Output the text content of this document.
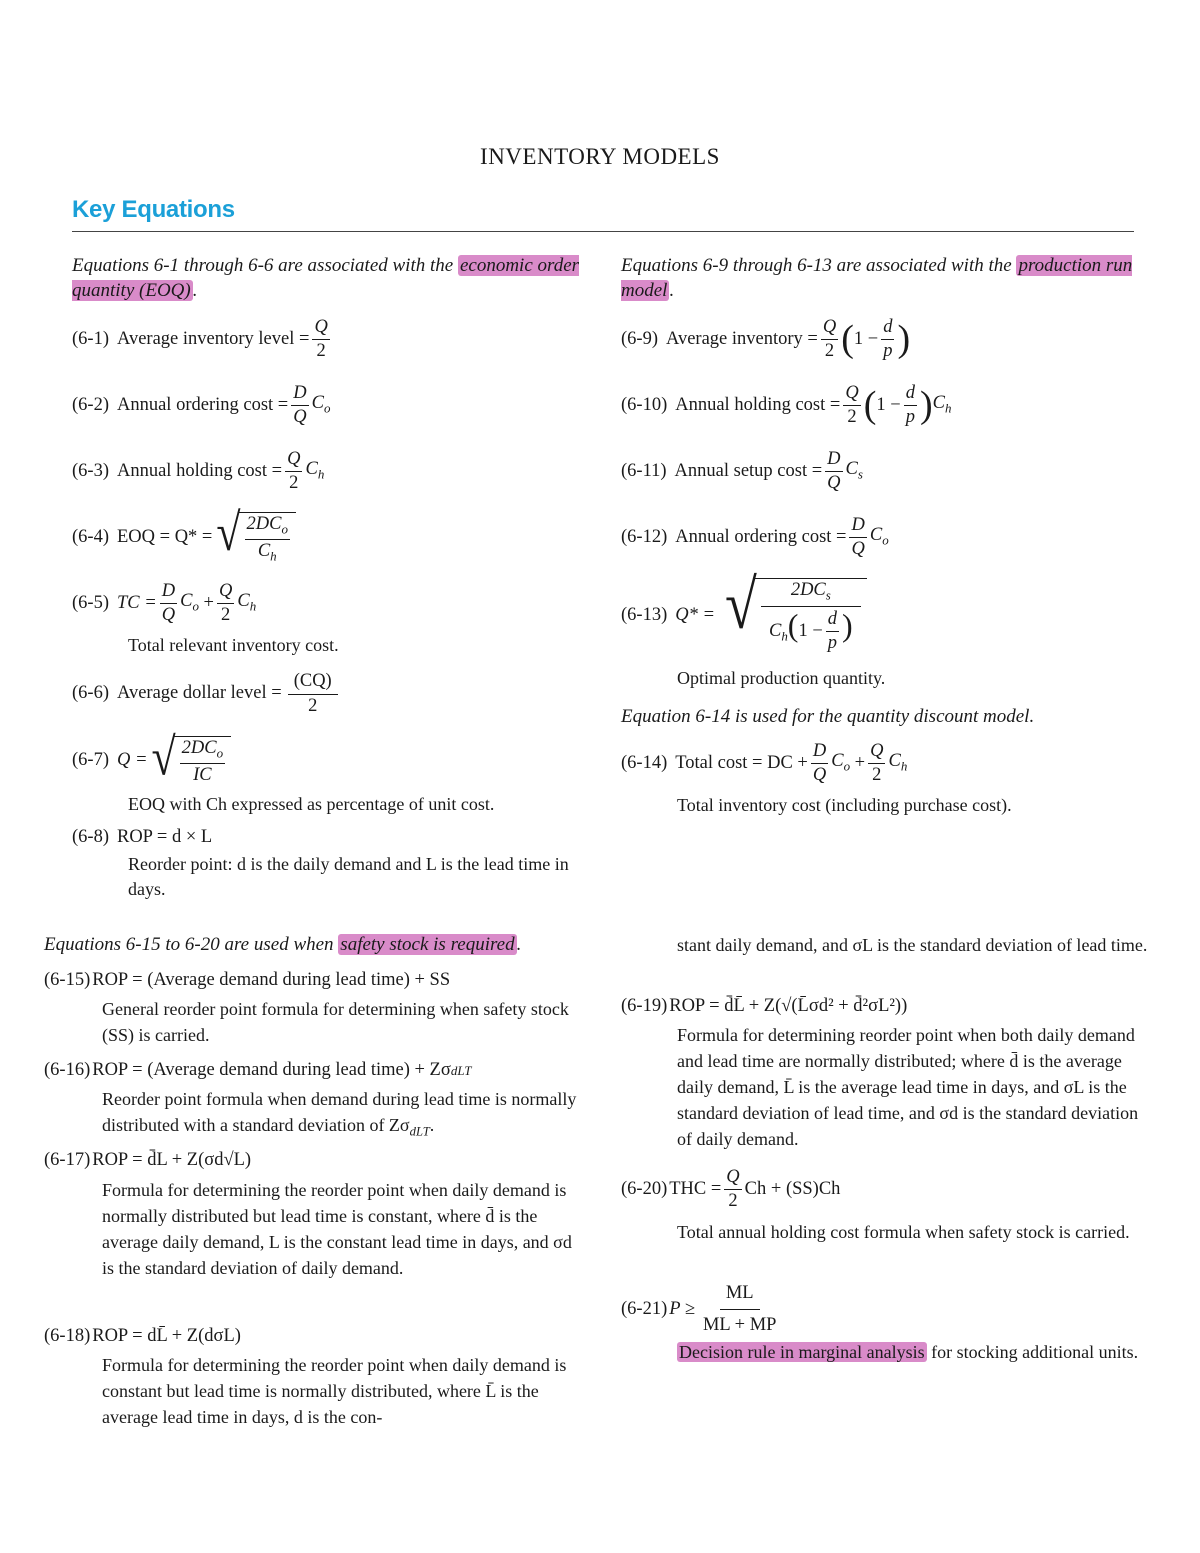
INVENTORY MODELS
Key Equations
Equations 6-1 through 6-6 are associated with the economic order quantity (EOQ) .
(6-1) Average inventory level = $\frac{Q}{2}$
(6-2) Annual ordering $\cos t = \frac{D}{Q} C_o$
(6-3) Annual holding $\cos t = \frac{Q}{2} C_h$
(6-4) EOQ = Q* = √ $\frac{2DC_o}{C_h}$
(6-5) TC = $\frac{D}{Q} C_o + \frac{Q}{2} C_h$
Total relevant inventory cost.
(6-6) Average dollar level = $\frac{(CQ)}{2}$
(6-7) Q = √ $\frac{2DC_o}{IC}$
EOQ with Ch expressed as percentage of unit cost.
(6-8) ROP = d × L
Reorder point: d is the daily demand and L is the lead time in days.
Equations 6-9 through 6-13 are associated with the production run model .
(6-9) Average inventory = $\frac{Q}{2}$ ( $1 - \frac{d}{p}$ )
(6-10) Annual holding $\cos t = \frac{Q}{2}$ ( $1 - \frac{d}{p}$ ) $C_h$
(6-11) Annual setup $\cos t = \frac{D}{Q} C_s$
(6-12) Annual ordering $\cos t = \frac{D}{Q} C_o$
(6-13) Q* = √ $\frac{2DC_s}{C_h(1 - \frac{d}{p} )}$
Optimal production quantity.
Equation 6-14 is used for the quantity discount model.
(6-14) Total cost = DC + $\frac{D}{Q} C_o + \frac{Q}{2} C_h$
Total inventory cost (including purchase cost).
Equations 6-15 to 6-20 are used when safety stock is required .
(6-15) ROP = (Average demand during lead time) + SS
General reorder point formula for determining when safety stock (SS) is carried.
(6-16) ROP = (Average demand during lead time) + Zσ dLT
Reorder point formula when demand during lead time is normally distributed with a standard deviation of $Z\sigma_{dLT}$.
(6-17) ROP = d̄L + Z(σd√L)
Formula for determining the reorder point when daily demand is normally distributed but lead time is constant, where d̄ is the average daily demand, L is the constant lead time in days, and σd is the standard deviation of daily demand.
(6-18) ROP = dL̄ + Z(dσL)
Formula for determining the reorder point when daily demand is constant but lead time is normally distributed, where L̄ is the average lead time in days, d is the con-
stant daily demand, and σL is the standard deviation of lead time.
(6-19) ROP = d̄L̄ + Z(√(L̄σd² + d̄²σL²))
Formula for determining reorder point when both daily demand and lead time are normally distributed; where d̄ is the average daily demand, L̄ is the average lead time in days, and σL is the standard deviation of lead time, and σd is the standard deviation of daily demand.
(6-20) THC = $\frac{Q}{2}$ Ch + (SS)Ch
Total annual holding cost formula when safety stock is carried.
(6-21) $P \ge \frac{ML}{ML + MP}$
Decision rule in marginal analysis for stocking additional units.
